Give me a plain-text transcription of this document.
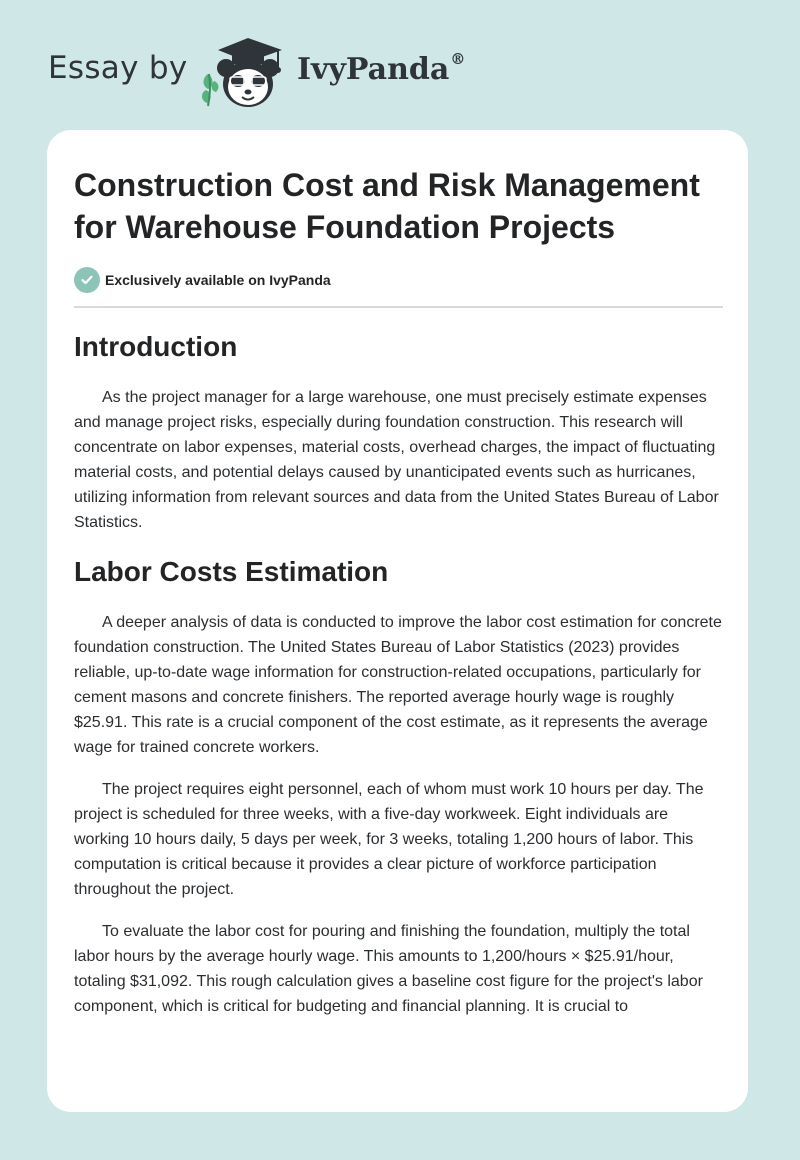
Essay by	IvyPanda®
Construction Cost and Risk Management for Warehouse Foundation Projects
Exclusively available on IvyPanda
Introduction

As the project manager for a large warehouse, one must precisely estimate expenses and manage project risks, especially during foundation construction. This research will concentrate on labor expenses, material costs, overhead charges, the impact of fluctuating material costs, and potential delays caused by unanticipated events such as hurricanes, utilizing information from relevant sources and data from the United States Bureau of Labor Statistics.

Labor Costs Estimation

A deeper analysis of data is conducted to improve the labor cost estimation for concrete foundation construction. The United States Bureau of Labor Statistics (2023) provides reliable, up-to-date wage information for construction-related occupations, particularly for cement masons and concrete finishers. The reported average hourly wage is roughly $25.91. This rate is a crucial component of the cost estimate, as it represents the average wage for trained concrete workers.

The project requires eight personnel, each of whom must work 10 hours per day. The project is scheduled for three weeks, with a five-day workweek. Eight individuals are working 10 hours daily, 5 days per week, for 3 weeks, totaling 1,200 hours of labor. This computation is critical because it provides a clear picture of workforce participation throughout the project.

To evaluate the labor cost for pouring and finishing the foundation, multiply the total labor hours by the average hourly wage. This amounts to 1,200/hours × $25.91/hour, totaling $31,092. This rough calculation gives a baseline cost figure for the project's labor component, which is critical for budgeting and financial planning. It is crucial to
